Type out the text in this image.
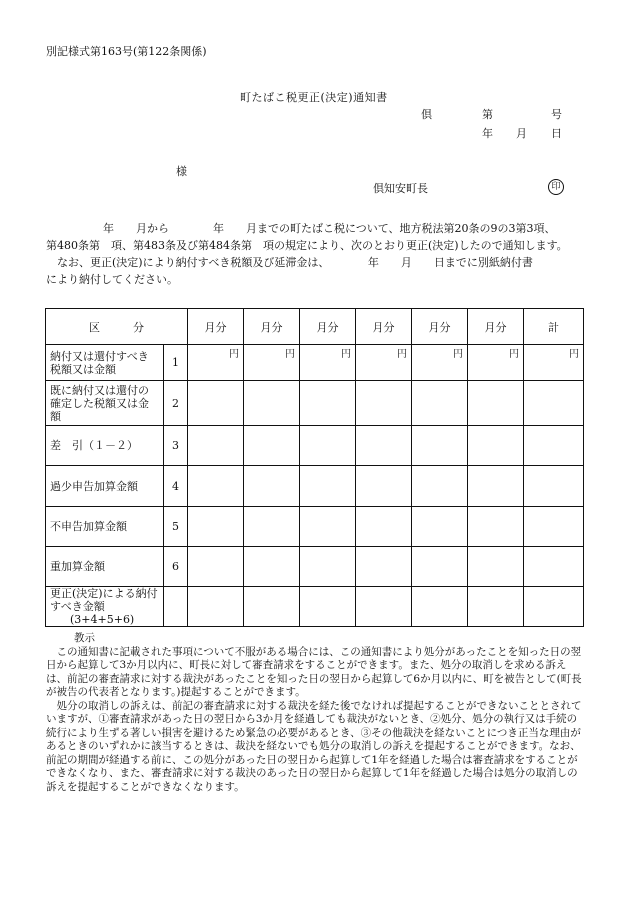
別記様式第163号(第122条関係)
町たばこ税更正(決定)通知書
倶	第	号
年 月 日
様
倶知安町長	印
年　　月から　　　　年　　月までの町たばこ税について、地方税法第20条の9の3第3項、
第480条第　項、第483条及び第484条第　項の規定により、次のとおり更正(決定)したので通知します。
なお、更正(決定)により納付すべき税額及び延滞金は、　　　　年　　月　　日までに別紙納付書
により納付してください。
区　　　分		月分	月分	月分	月分	月分	月分	計
納付又は還付すべき税額又は金額	1	円	円	円	円	円	円	円
既に納付又は還付の確定した税額又は金額	2							
差　引（１－２）	3							
過少申告加算金額	4							
不申告加算金額	5							
重加算金額	6							
更正(決定)による納付すべき金額
(3+4+5+6)								
教示

この通知書に記載された事項について不服がある場合には、この通知書により処分があったことを知った日の翌日から起算して3か月以内に、町長に対して審査請求をすることができます。また、処分の取消しを求める訴えは、前記の審査請求に対する裁決があったことを知った日の翌日から起算して6か月以内に、町を被告として(町長が被告の代表者となります。)提起することができます。

処分の取消しの訴えは、前記の審査請求に対する裁決を経た後でなければ提起することができないこととされていますが、①審査請求があった日の翌日から3か月を経過しても裁決がないとき、②処分、処分の執行又は手続の続行により生ずる著しい損害を避けるため緊急の必要があるとき、③その他裁決を経ないことにつき正当な理由があるときのいずれかに該当するときは、裁決を経ないでも処分の取消しの訴えを提起することができます。なお、前記の期間が経過する前に、この処分があった日の翌日から起算して1年を経過した場合は審査請求をすることができなくなり、また、審査請求に対する裁決のあった日の翌日から起算して1年を経過した場合は処分の取消しの訴えを提起することができなくなります。
